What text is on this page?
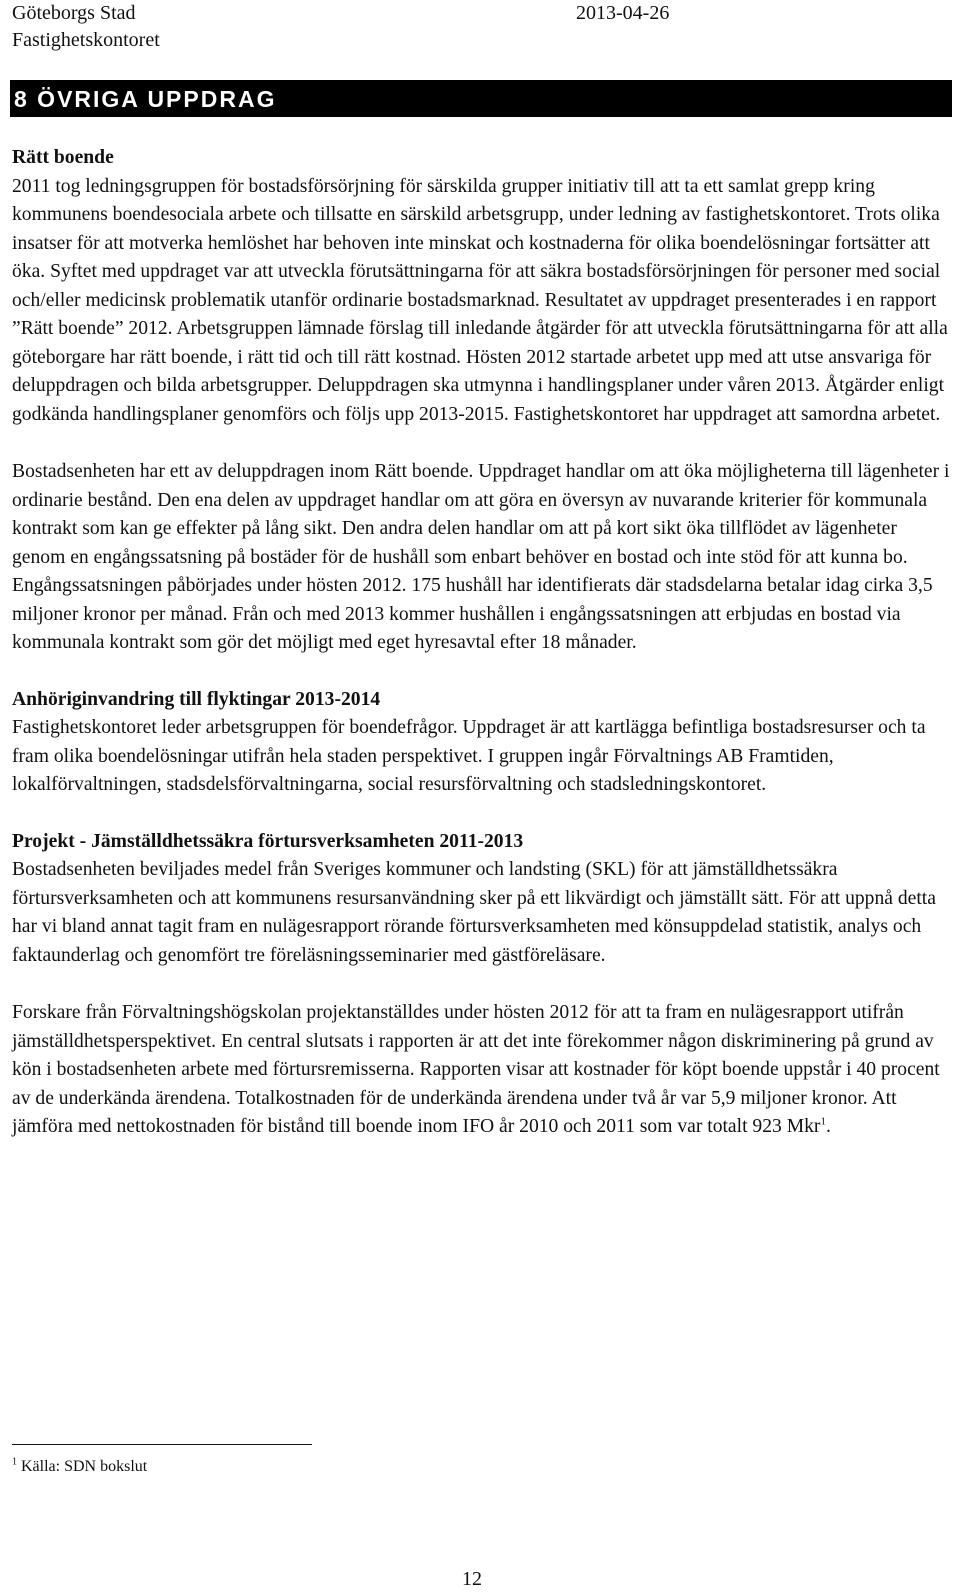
Göteborgs Stad
Fastighetskontoret
2013-04-26
8 ÖVRIGA UPPDRAG
Rätt boende

2011 tog ledningsgruppen för bostadsförsörjning för särskilda grupper initiativ till att ta ett samlat grepp kring kommunens boendesociala arbete och tillsatte en särskild arbetsgrupp, under ledning av fastighetskontoret. Trots olika insatser för att motverka hemlöshet har behoven inte minskat och kostnaderna för olika boendelösningar fortsätter att öka. Syftet med uppdraget var att utveckla förutsättningarna för att säkra bostadsförsörjningen för personer med social och/eller medicinsk problematik utanför ordinarie bostadsmarknad. Resultatet av uppdraget presenterades i en rapport ”Rätt boende” 2012. Arbetsgruppen lämnade förslag till inledande åtgärder för att utveckla förutsättningarna för att alla göteborgare har rätt boende, i rätt tid och till rätt kostnad. Hösten 2012 startade arbetet upp med att utse ansvariga för deluppdragen och bilda arbetsgrupper. Deluppdragen ska utmynna i handlingsplaner under våren 2013. Åtgärder enligt godkända handlingsplaner genomförs och följs upp 2013-2015. Fastighetskontoret har uppdraget att samordna arbetet.

Bostadsenheten har ett av deluppdragen inom Rätt boende. Uppdraget handlar om att öka möjligheterna till lägenheter i ordinarie bestånd. Den ena delen av uppdraget handlar om att göra en översyn av nuvarande kriterier för kommunala kontrakt som kan ge effekter på lång sikt. Den andra delen handlar om att på kort sikt öka tillflödet av lägenheter genom en engångssatsning på bostäder för de hushåll som enbart behöver en bostad och inte stöd för att kunna bo. Engångssatsningen påbörjades under hösten 2012. 175 hushåll har identifierats där stadsdelarna betalar idag cirka 3,5 miljoner kronor per månad. Från och med 2013 kommer hushållen i engångssatsningen att erbjudas en bostad via kommunala kontrakt som gör det möjligt med eget hyresavtal efter 18 månader.

Anhöriginvandring till flyktingar 2013-2014

Fastighetskontoret leder arbetsgruppen för boendefrågor. Uppdraget är att kartlägga befintliga bostadsresurser och ta fram olika boendelösningar utifrån hela staden perspektivet. I gruppen ingår Förvaltnings AB Framtiden, lokalförvaltningen, stadsdelsförvaltningarna, social resursförvaltning och stadsledningskontoret.

Projekt - Jämställdhetssäkra förtursverksamheten 2011-2013

Bostadsenheten beviljades medel från Sveriges kommuner och landsting (SKL) för att jämställdhetssäkra förtursverksamheten och att kommunens resursanvändning sker på ett likvärdigt och jämställt sätt. För att uppnå detta har vi bland annat tagit fram en nulägesrapport rörande förtursverksamheten med könsuppdelad statistik, analys och faktaunderlag och genomfört tre föreläsningsseminarier med gästföreläsare.

Forskare från Förvaltningshögskolan projektanställdes under hösten 2012 för att ta fram en nulägesrapport utifrån jämställdhetsperspektivet. En central slutsats i rapporten är att det inte förekommer någon diskriminering på grund av kön i bostadsenheten arbete med förtursremisserna. Rapporten visar att kostnader för köpt boende uppstår i 40 procent av de underkända ärendena. Totalkostnaden för de underkända ärendena under två år var 5,9 miljoner kronor. Att jämföra med nettokostnaden för bistånd till boende inom IFO år 2010 och 2011 som var totalt 923 Mkr$^1$.

$^1$ Källa: SDN bokslut
12
